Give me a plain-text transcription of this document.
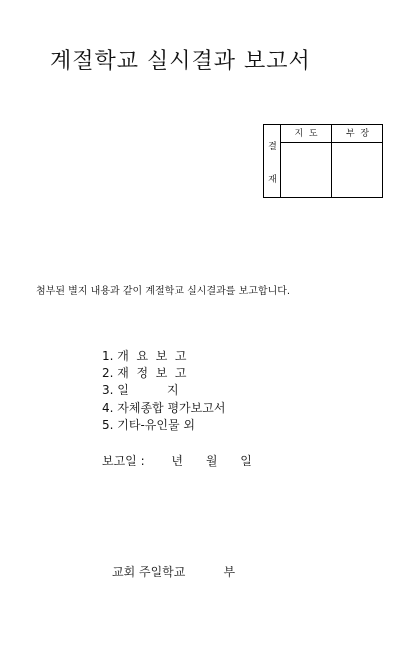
계절학교 실시결과 보고서
결
재
지  도	부  장
첨부된 별지 내용과 같이 계절학교 실시결과를 보고합니다.
1. 개  요  보  고
2. 재  정  보  고
3. 일          지
4. 자체종합 평가보고서
5. 기타-유인물 외
보고일 :       년      월      일
교회 주일학교          부
